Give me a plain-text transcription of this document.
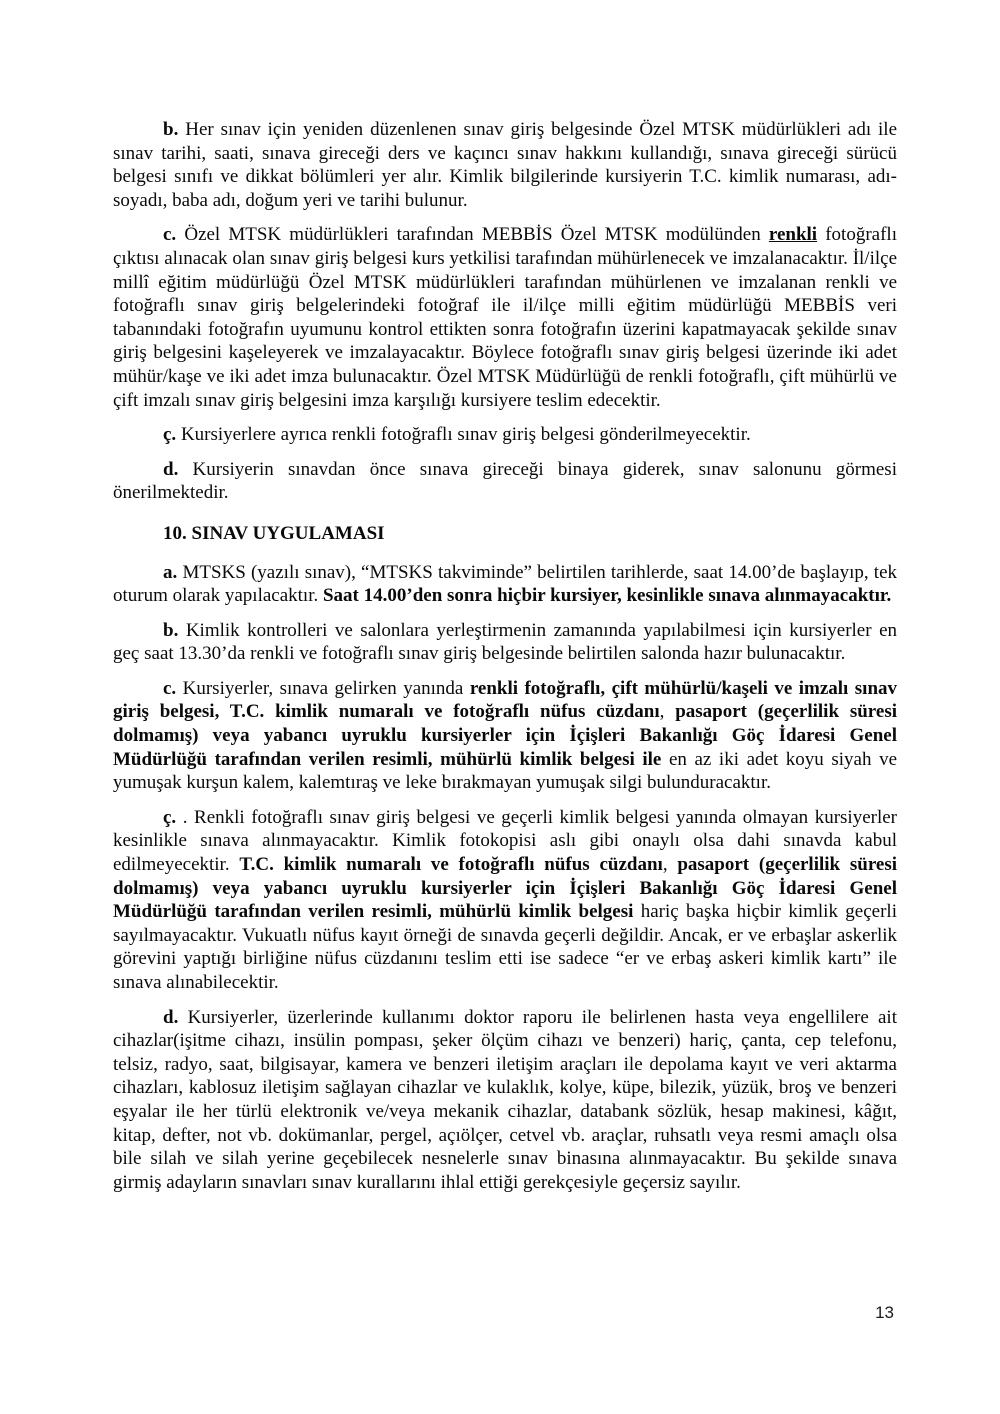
b. Her sınav için yeniden düzenlenen sınav giriş belgesinde Özel MTSK müdürlükleri adı ile sınav tarihi, saati, sınava gireceği ders ve kaçıncı sınav hakkını kullandığı, sınava gireceği sürücü belgesi sınıfı ve dikkat bölümleri yer alır. Kimlik bilgilerinde kursiyerin T.C. kimlik numarası, adı-soyadı, baba adı, doğum yeri ve tarihi bulunur.

c. Özel MTSK müdürlükleri tarafından MEBBİS Özel MTSK modülünden renkli fotoğraflı çıktısı alınacak olan sınav giriş belgesi kurs yetkilisi tarafından mühürlenecek ve imzalanacaktır. İl/ilçe millî eğitim müdürlüğü Özel MTSK müdürlükleri tarafından mühürlenen ve imzalanan renkli ve fotoğraflı sınav giriş belgelerindeki fotoğraf ile il/ilçe milli eğitim müdürlüğü MEBBİS veri tabanındaki fotoğrafın uyumunu kontrol ettikten sonra fotoğrafın üzerini kapatmayacak şekilde sınav giriş belgesini kaşeleyerek ve imzalayacaktır. Böylece fotoğraflı sınav giriş belgesi üzerinde iki adet mühür/kaşe ve iki adet imza bulunacaktır. Özel MTSK Müdürlüğü de renkli fotoğraflı, çift mühürlü ve çift imzalı sınav giriş belgesini imza karşılığı kursiyere teslim edecektir.

ç. Kursiyerlere ayrıca renkli fotoğraflı sınav giriş belgesi gönderilmeyecektir.

d. Kursiyerin sınavdan önce sınava gireceği binaya giderek, sınav salonunu görmesi önerilmektedir.

10. SINAV UYGULAMASI

a. MTSKS (yazılı sınav), “MTSKS takviminde” belirtilen tarihlerde, saat 14.00’de başlayıp, tek oturum olarak yapılacaktır. Saat 14.00’den sonra hiçbir kursiyer, kesinlikle sınava alınmayacaktır.

b. Kimlik kontrolleri ve salonlara yerleştirmenin zamanında yapılabilmesi için kursiyerler en geç saat 13.30’da renkli ve fotoğraflı sınav giriş belgesinde belirtilen salonda hazır bulunacaktır.

c. Kursiyerler, sınava gelirken yanında renkli fotoğraflı, çift mühürlü/kaşeli ve imzalı sınav giriş belgesi, T.C. kimlik numaralı ve fotoğraflı nüfus cüzdanı, pasaport (geçerlilik süresi dolmamış) veya yabancı uyruklu kursiyerler için İçişleri Bakanlığı Göç İdaresi Genel Müdürlüğü tarafından verilen resimli, mühürlü kimlik belgesi ile en az iki adet koyu siyah ve yumuşak kurşun kalem, kalemtıraş ve leke bırakmayan yumuşak silgi bulunduracaktır.

ç. . Renkli fotoğraflı sınav giriş belgesi ve geçerli kimlik belgesi yanında olmayan kursiyerler kesinlikle sınava alınmayacaktır. Kimlik fotokopisi aslı gibi onaylı olsa dahi sınavda kabul edilmeyecektir. T.C. kimlik numaralı ve fotoğraflı nüfus cüzdanı, pasaport (geçerlilik süresi dolmamış) veya yabancı uyruklu kursiyerler için İçişleri Bakanlığı Göç İdaresi Genel Müdürlüğü tarafından verilen resimli, mühürlü kimlik belgesi hariç başka hiçbir kimlik geçerli sayılmayacaktır. Vukuatlı nüfus kayıt örneği de sınavda geçerli değildir. Ancak, er ve erbaşlar askerlik görevini yaptığı birliğine nüfus cüzdanını teslim etti ise sadece “er ve erbaş askeri kimlik kartı” ile sınava alınabilecektir.

d. Kursiyerler, üzerlerinde kullanımı doktor raporu ile belirlenen hasta veya engellilere ait cihazlar(işitme cihazı, insülin pompası, şeker ölçüm cihazı ve benzeri) hariç, çanta, cep telefonu, telsiz, radyo, saat, bilgisayar, kamera ve benzeri iletişim araçları ile depolama kayıt ve veri aktarma cihazları, kablosuz iletişim sağlayan cihazlar ve kulaklık, kolye, küpe, bilezik, yüzük, broş ve benzeri eşyalar ile her türlü elektronik ve/veya mekanik cihazlar, databank sözlük, hesap makinesi, kâğıt, kitap, defter, not vb. dokümanlar, pergel, açıölçer, cetvel vb. araçlar, ruhsatlı veya resmi amaçlı olsa bile silah ve silah yerine geçebilecek nesnelerle sınav binasına alınmayacaktır. Bu şekilde sınava girmiş adayların sınavları sınav kurallarını ihlal ettiği gerekçesiyle geçersiz sayılır.

13
